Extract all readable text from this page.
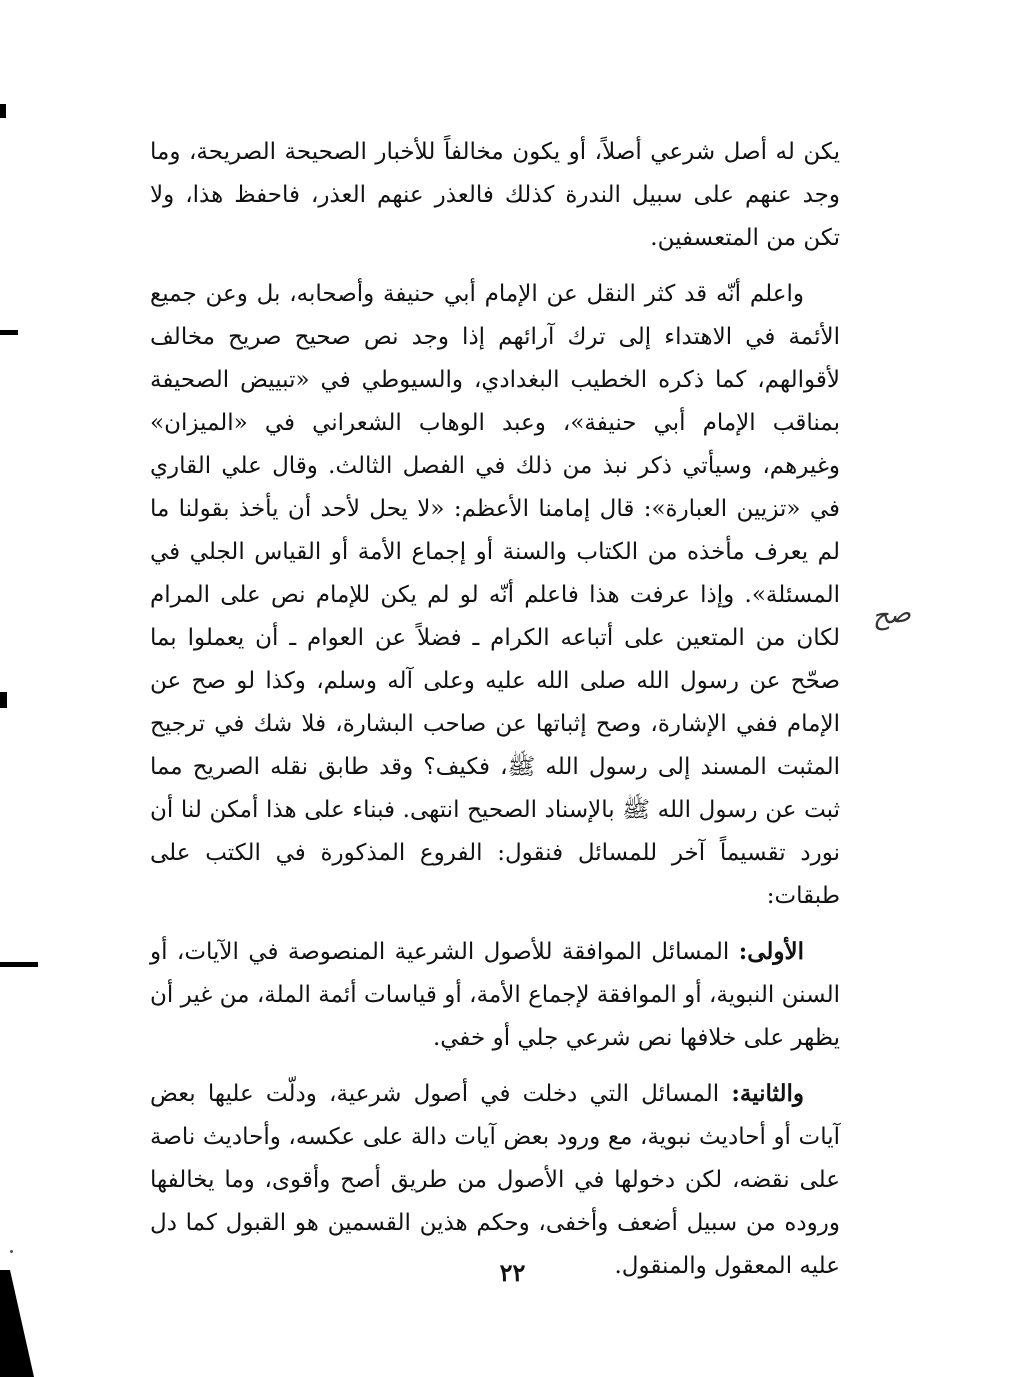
يكن له أصل شرعي أصلاً، أو يكون مخالفاً للأخبار الصحيحة الصريحة، وما وجد عنهم على سبيل الندرة كذلك فالعذر عنهم العذر، فاحفظ هذا، ولا تكن من المتعسفين.

واعلم أنّه قد كثر النقل عن الإمام أبي حنيفة وأصحابه، بل وعن جميع الأئمة في الاهتداء إلى ترك آرائهم إذا وجد نص صحيح صريح مخالف لأقوالهم، كما ذكره الخطيب البغدادي، والسيوطي في «تبييض الصحيفة بمناقب الإمام أبي حنيفة»، وعبد الوهاب الشعراني في «الميزان» وغيرهم، وسيأتي ذكر نبذ من ذلك في الفصل الثالث. وقال علي القاري في «تزيين العبارة»: قال إمامنا الأعظم: «لا يحل لأحد أن يأخذ بقولنا ما لم يعرف مأخذه من الكتاب والسنة أو إجماع الأمة أو القياس الجلي في المسئلة». وإذا عرفت هذا فاعلم أنّه لو لم يكن للإمام نص على المرام لكان من المتعين على أتباعه الكرام ـ فضلاً عن العوام ـ أن يعملوا بما صحّح عن رسول الله صلى الله عليه وعلى آله وسلم، وكذا لو صح عن الإمام ففي الإشارة، وصح إثباتها عن صاحب البشارة، فلا شك في ترجيح المثبت المسند إلى رسول الله ﷺ، فكيف؟ وقد طابق نقله الصريح مما ثبت عن رسول الله ﷺ بالإسناد الصحيح انتهى. فبناء على هذا أمكن لنا أن نورد تقسيماً آخر للمسائل فنقول: الفروع المذكورة في الكتب على طبقات:

الأولى: المسائل الموافقة للأصول الشرعية المنصوصة في الآيات، أو السنن النبوية، أو الموافقة لإجماع الأمة، أو قياسات أئمة الملة، من غير أن يظهر على خلافها نص شرعي جلي أو خفي.

والثانية: المسائل التي دخلت في أصول شرعية، ودلّت عليها بعض آيات أو أحاديث نبوية، مع ورود بعض آيات دالة على عكسه، وأحاديث ناصة على نقضه، لكن دخولها في الأصول من طريق أصح وأقوى، وما يخالفها وروده من سبيل أضعف وأخفى، وحكم هذين القسمين هو القبول كما دل عليه المعقول والمنقول.

صح
٢٢
